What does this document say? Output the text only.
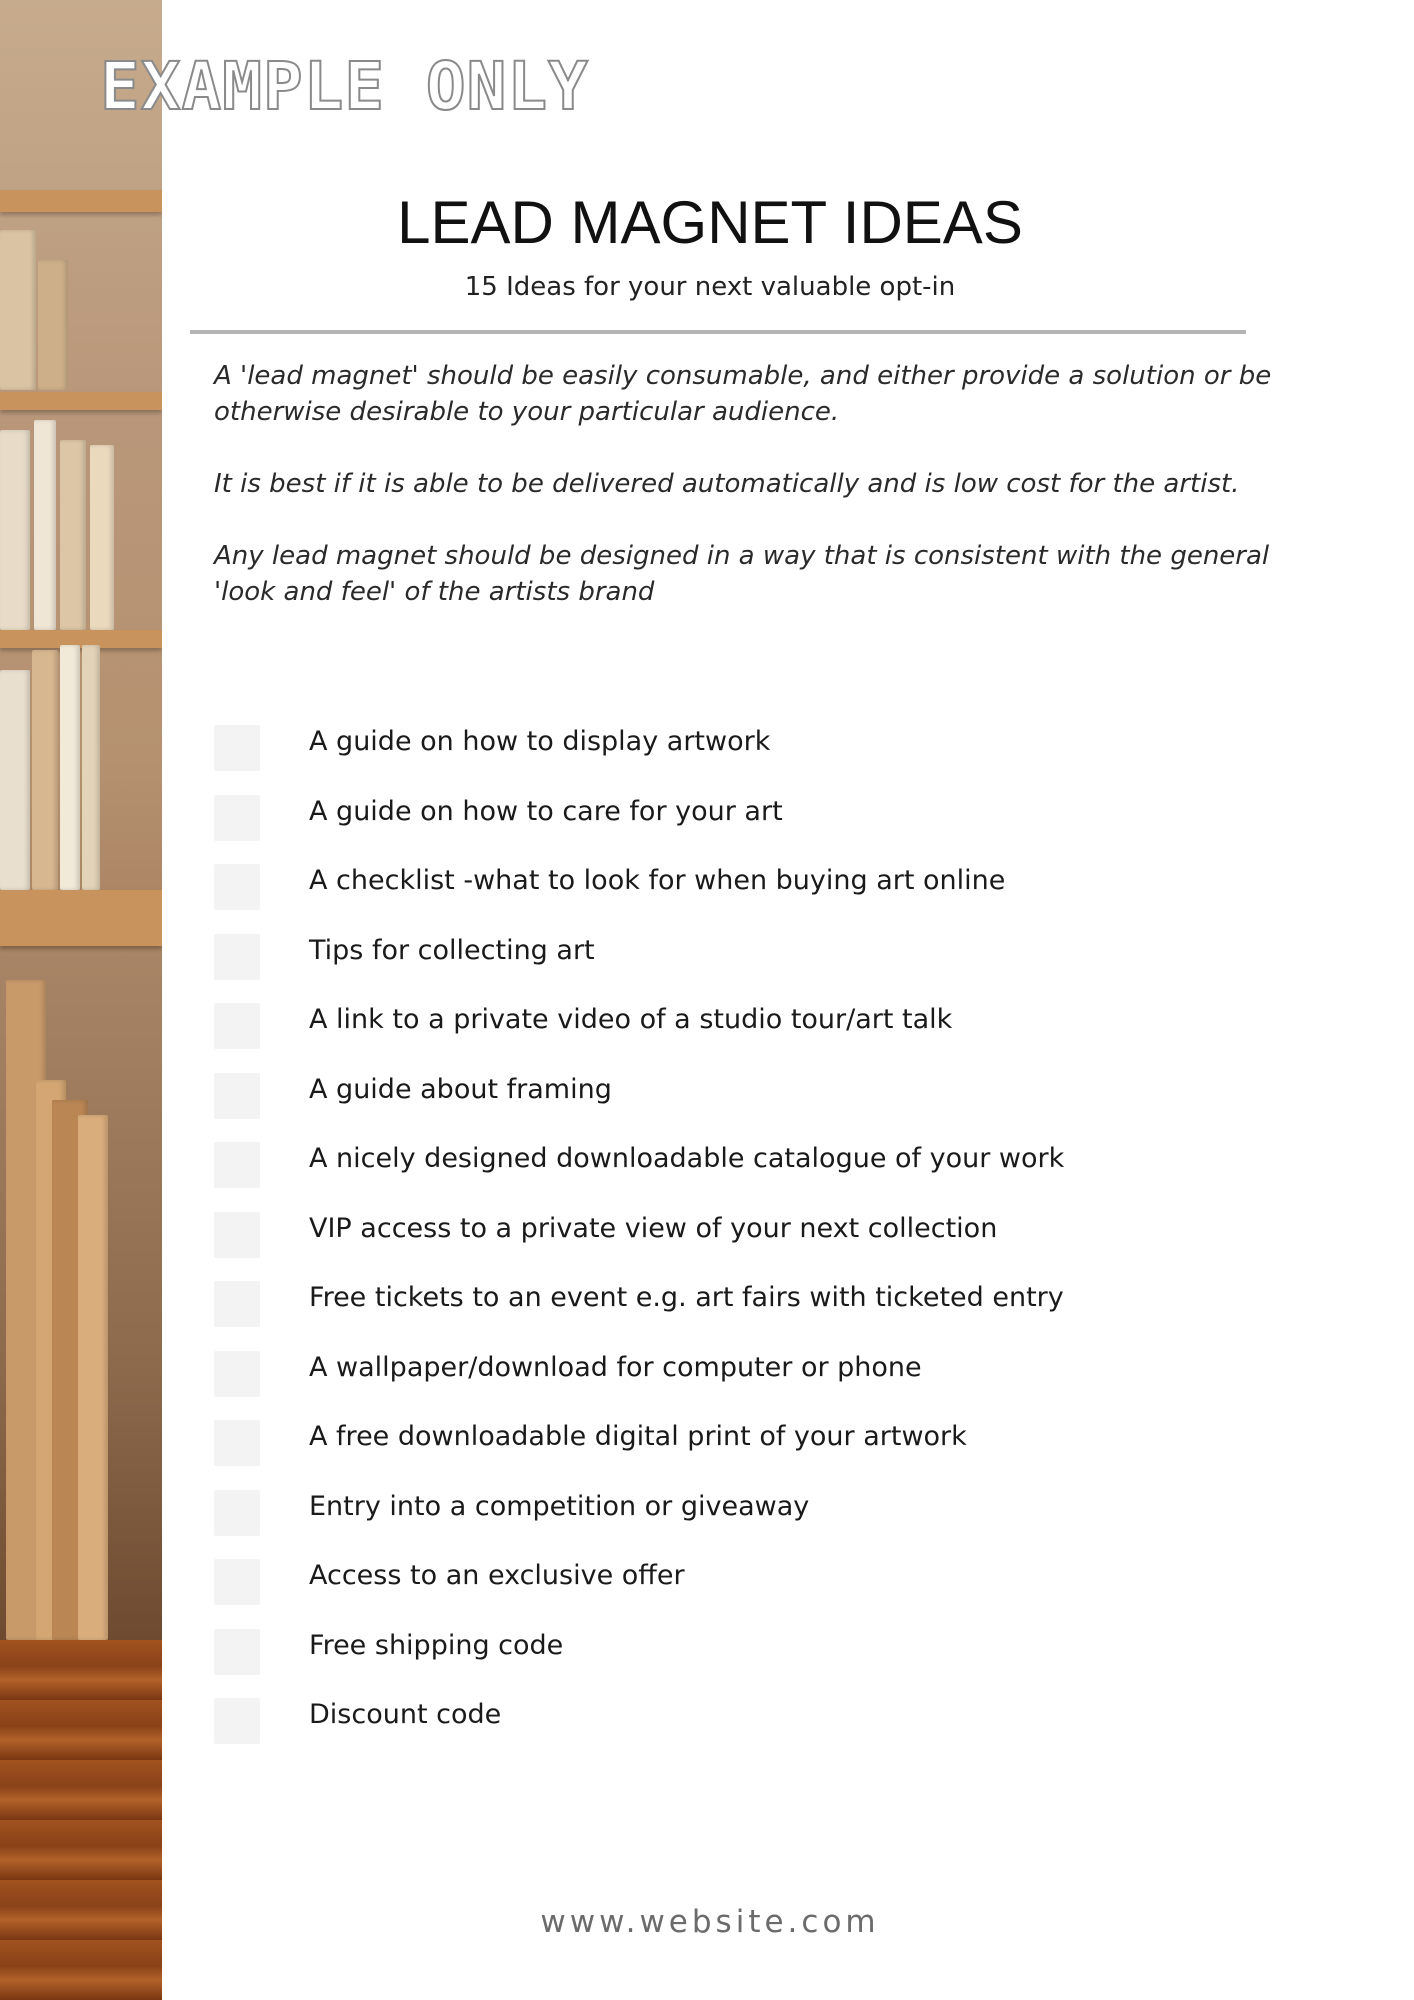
EXAMPLE ONLY
LEAD MAGNET IDEAS
15 Ideas for your next valuable opt-in

A 'lead magnet' should be easily consumable, and either provide a solution or be otherwise desirable to your particular audience.

It is best if it is able to be delivered automatically and is low cost for the artist.

Any lead magnet should be designed in a way that is consistent with the general 'look and feel' of the artists brand

A guide on how to display artwork
A guide on how to care for your art
A checklist -what to look for when buying art online
Tips for collecting art
A link to a private video of a studio tour/art talk
A guide about framing
A nicely designed downloadable catalogue of your work
VIP access to a private view of your next collection
Free tickets to an event e.g. art fairs with ticketed entry
A wallpaper/download for computer or phone
A free downloadable digital print of your artwork
Entry into a competition or giveaway
Access to an exclusive offer
Free shipping code
Discount code
www.website.com
